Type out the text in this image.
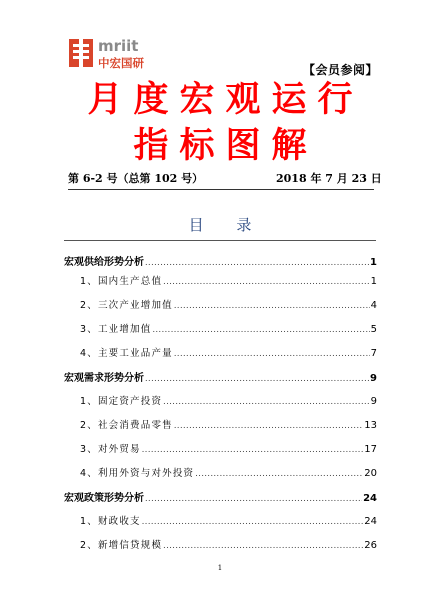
mriit
中宏国研	【会员参阅】
月度宏观运行
指标图解
第 6-2 号（总第 102 号）	2018 年 7 月 23 日
目 录
宏观供给形势分析 .....	1
1、国内生产总值 .....	1
2、三次产业增加值 .....	4
3、工业增加值 .....	5
4、主要工业品产量 .....	7
宏观需求形势分析 .....	9
1、固定资产投资 .....	9
2、社会消费品零售 .....	13
3、对外贸易 .....	17
4、利用外资与对外投资 .....	20
宏观政策形势分析 .....	24
1、财政收支 .....	24
2、新增信贷规模 .....	26
1
